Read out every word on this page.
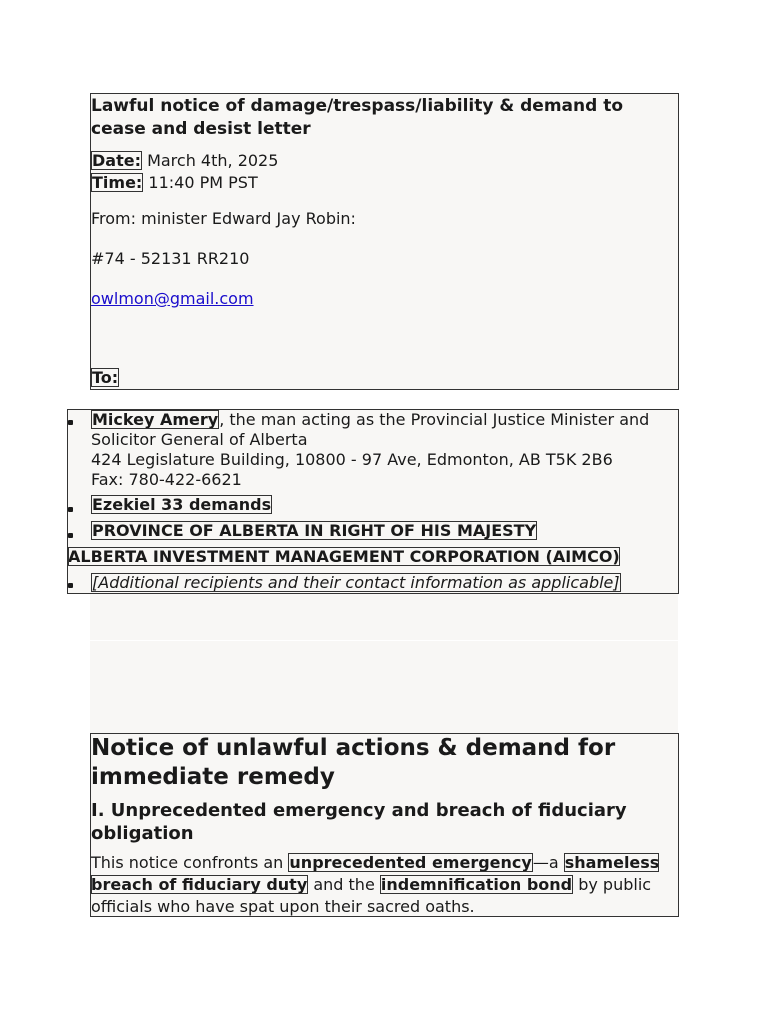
Lawful notice of damage/trespass/liability & demand to cease and desist letter
Date: March 4th, 2025
Time: 11:40 PM PST
From: minister Edward Jay Robin:
#74 - 52131 RR210
owlmon@gmail.com
To:
Mickey Amery, the man acting as the Provincial Justice Minister and
Solicitor General of Alberta
424 Legislature Building, 10800 - 97 Ave, Edmonton, AB T5K 2B6
Fax: 780-422-6621
Ezekiel 33 demands
PROVINCE OF ALBERTA IN RIGHT OF HIS MAJESTY
ALBERTA INVESTMENT MANAGEMENT CORPORATION (AIMCO)
[Additional recipients and their contact information as applicable]
Notice of unlawful actions & demand for immediate remedy
I. Unprecedented emergency and breach of fiduciary obligation

This notice confronts an unprecedented emergency—a shameless breach of fiduciary duty and the indemnification bond by public officials who have spat upon their sacred oaths.
